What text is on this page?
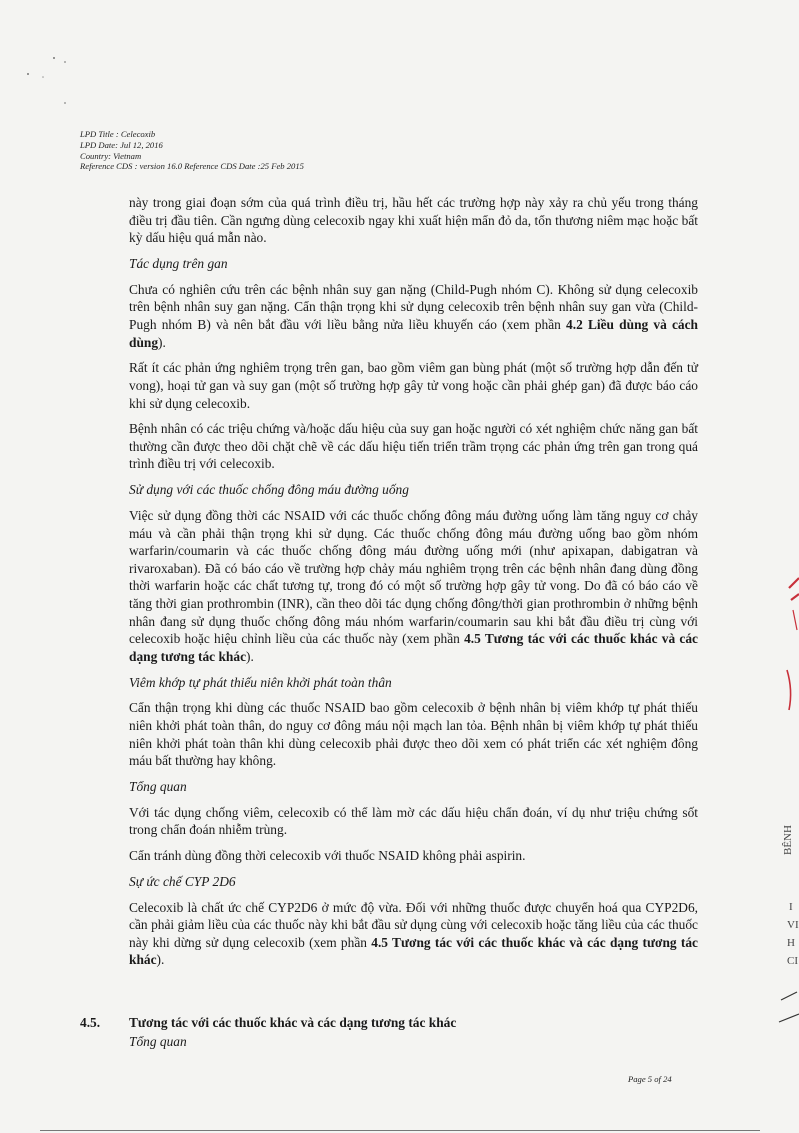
LPD Title : Celecoxib
LPD Date: Jul 12, 2016
Country: Vietnam
Reference CDS : version 16.0 Reference CDS Date :25 Feb 2015

này trong giai đoạn sớm của quá trình điều trị, hầu hết các trường hợp này xảy ra chủ yếu trong tháng điều trị đầu tiên. Cần ngưng dùng celecoxib ngay khi xuất hiện mẩn đỏ da, tổn thương niêm mạc hoặc bất kỳ dấu hiệu quá mẫn nào.

Tác dụng trên gan

Chưa có nghiên cứu trên các bệnh nhân suy gan nặng (Child-Pugh nhóm C). Không sử dụng celecoxib trên bệnh nhân suy gan nặng. Cẩn thận trọng khi sử dụng celecoxib trên bệnh nhân suy gan vừa (Child-Pugh nhóm B) và nên bắt đầu với liều bằng nửa liều khuyến cáo (xem phần 4.2 Liều dùng và cách dùng).

Rất ít các phản ứng nghiêm trọng trên gan, bao gồm viêm gan bùng phát (một số trường hợp dẫn đến tử vong), hoại tử gan và suy gan (một số trường hợp gây tử vong hoặc cần phải ghép gan) đã được báo cáo khi sử dụng celecoxib.

Bệnh nhân có các triệu chứng và/hoặc dấu hiệu của suy gan hoặc người có xét nghiệm chức năng gan bất thường cần được theo dõi chặt chẽ về các dấu hiệu tiến triển trầm trọng các phản ứng trên gan trong quá trình điều trị với celecoxib.

Sử dụng với các thuốc chống đông máu đường uống

Việc sử dụng đồng thời các NSAID với các thuốc chống đông máu đường uống làm tăng nguy cơ chảy máu và cần phải thận trọng khi sử dụng. Các thuốc chống đông máu đường uống bao gồm nhóm warfarin/coumarin và các thuốc chống đông máu đường uống mới (như apixapan, dabigatran và rivaroxaban). Đã có báo cáo về trường hợp chảy máu nghiêm trọng trên các bệnh nhân đang dùng đồng thời warfarin hoặc các chất tương tự, trong đó có một số trường hợp gây tử vong. Do đã có báo cáo về tăng thời gian prothrombin (INR), cần theo dõi tác dụng chống đông/thời gian prothrombin ở những bệnh nhân đang sử dụng thuốc chống đông máu nhóm warfarin/coumarin sau khi bắt đầu điều trị cùng với celecoxib hoặc hiệu chỉnh liều của các thuốc này (xem phần 4.5 Tương tác với các thuốc khác và các dạng tương tác khác).

Viêm khớp tự phát thiếu niên khởi phát toàn thân

Cẩn thận trọng khi dùng các thuốc NSAID bao gồm celecoxib ở bệnh nhân bị viêm khớp tự phát thiếu niên khởi phát toàn thân, do nguy cơ đông máu nội mạch lan tỏa. Bệnh nhân bị viêm khớp tự phát thiếu niên khởi phát toàn thân khi dùng celecoxib phải được theo dõi xem có phát triển các xét nghiệm đông máu bất thường hay không.

Tổng quan

Với tác dụng chống viêm, celecoxib có thể làm mờ các dấu hiệu chẩn đoán, ví dụ như triệu chứng sốt trong chẩn đoán nhiễm trùng.

Cẩn tránh dùng đồng thời celecoxib với thuốc NSAID không phải aspirin.

Sự ức chế CYP 2D6

Celecoxib là chất ức chế CYP2D6 ở mức độ vừa. Đối với những thuốc được chuyển hoá qua CYP2D6, cần phải giảm liều của các thuốc này khi bắt đầu sử dụng cùng với celecoxib hoặc tăng liều của các thuốc này khi dừng sử dụng celecoxib (xem phần 4.5 Tương tác với các thuốc khác và các dạng tương tác khác).

4.5. Tương tác với các thuốc khác và các dạng tương tác khác
Tổng quan
Page 5 of 24
BÊNH
I
VI
H
CI
